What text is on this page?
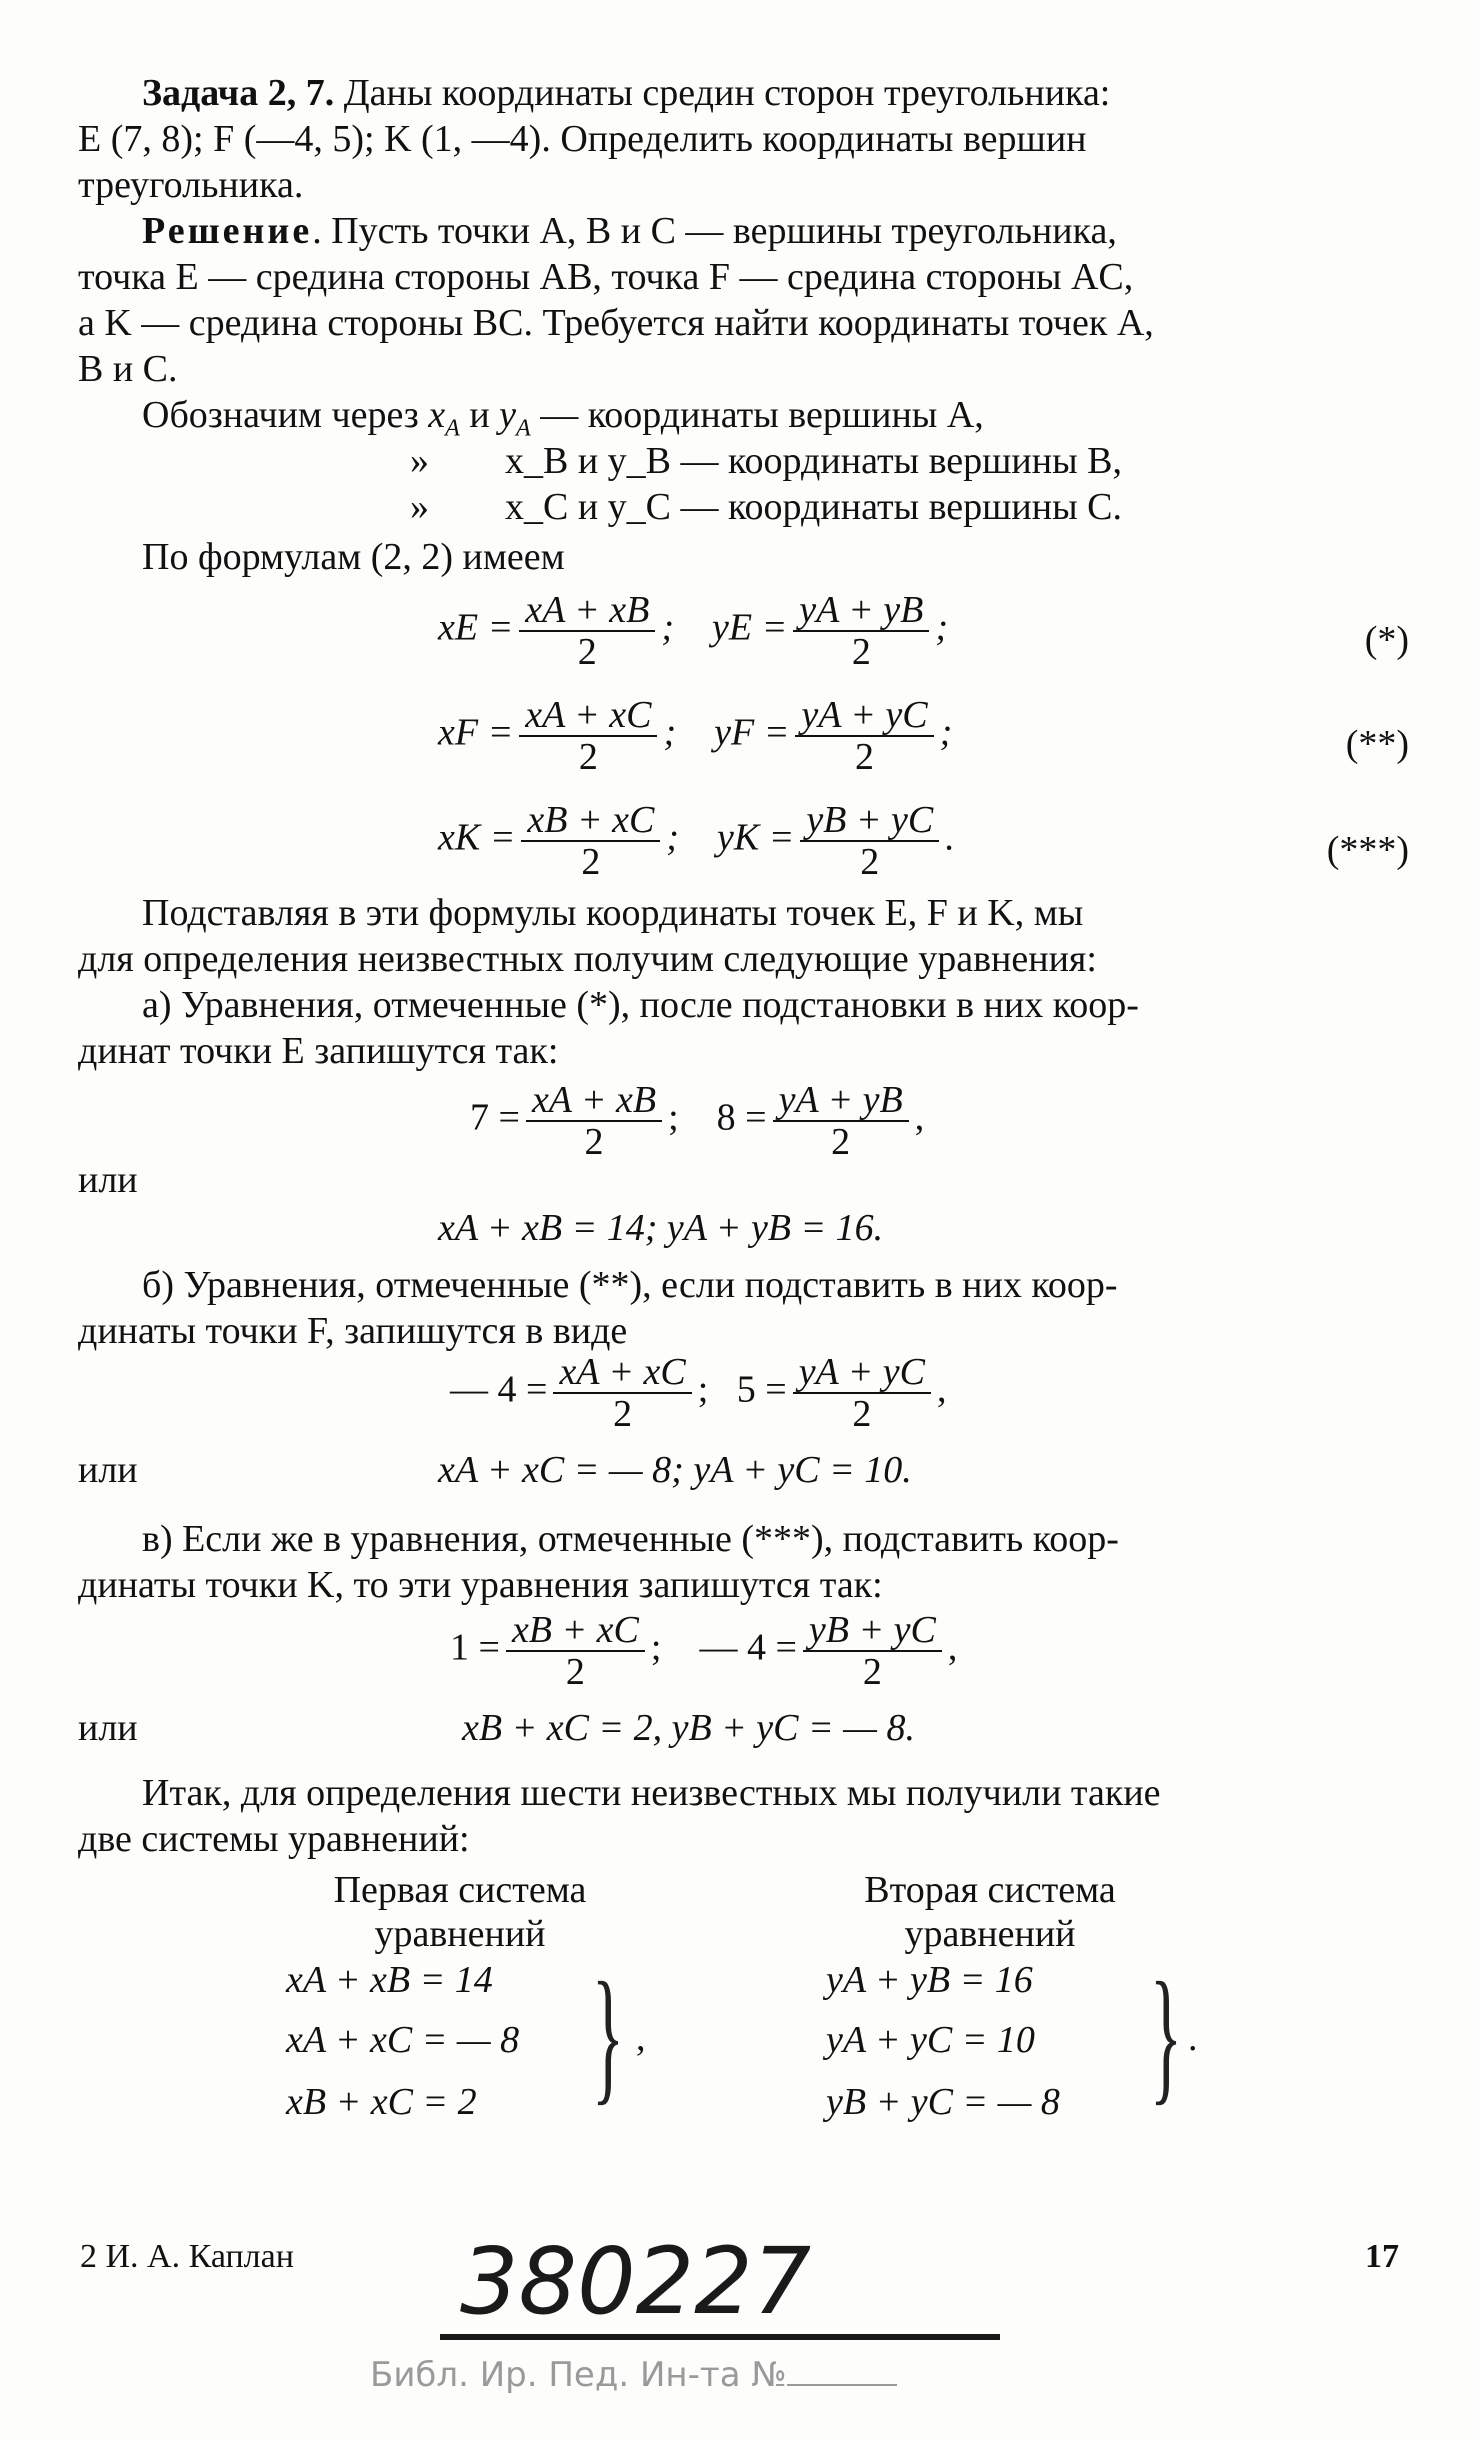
Задача 2, 7. Даны координаты средин сторон треугольника:
E (7, 8); F (—4, 5); K (1, —4). Определить координаты вершин
треугольника.

Решение. Пусть точки A, B и C — вершины треугольника,
точка E — средина стороны AB, точка F — средина стороны AC,
а K — средина стороны BC. Требуется найти координаты точек A,
B и C.

Обозначим через $x_A$ и $y_A$ — координаты вершины A,
» x_B и y_B — координаты вершины B,
» x_C и y_C — координаты вершины C.
По формулам (2, 2) имеем
xE = $\frac{xA + xB}{2}$ ;    yE = $\frac{yA + yB}{2}$ ;	(*)
xF = $\frac{xA + xC}{2}$ ;    yF = $\frac{yA + yC}{2}$ ;	(**)
xK = $\frac{xB + xC}{2}$ ;    yK = $\frac{yB + yC}{2}$ .	(***)

Подставляя в эти формулы координаты точек E, F и K, мы
для определения неизвестных получим следующие уравнения:

а) Уравнения, отмеченные (*), после подстановки в них коор-
динат точки E запишутся так:

$7 = \frac{xA + xB}{2}$ ;    $8 = \frac{yA + yB}{2}$ ,
или
xA + xB = 14; yA + yB = 16.

б) Уравнения, отмеченные (**), если подставить в них коор-
динаты точки F, запишутся в виде

— $4 = \frac{xA + xC}{2}$ ;   $5 = \frac{yA + yC}{2}$ ,
или	xA + xC = — 8; yA + yC = 10.

в) Если же в уравнения, отмеченные (***), подставить коор-
динаты точки K, то эти уравнения запишутся так:

$1 = \frac{xB + xC}{2}$ ;    — $4 = \frac{yB + yC}{2}$ ,
или	xB + xC = 2, yB + yC = — 8.

Итак, для определения шести неизвестных мы получили такие
две системы уравнений:

Первая система
уравнений
Вторая система
уравнений
xA + xB = 14
xA + xC = — 8
xB + xC = 2 } ,
yA + yB = 16
yA + yC = 10
yB + yC = — 8 } .
2 И. А. Каплан	17
380227
Библ. Ир. Пед. Ин-та №
